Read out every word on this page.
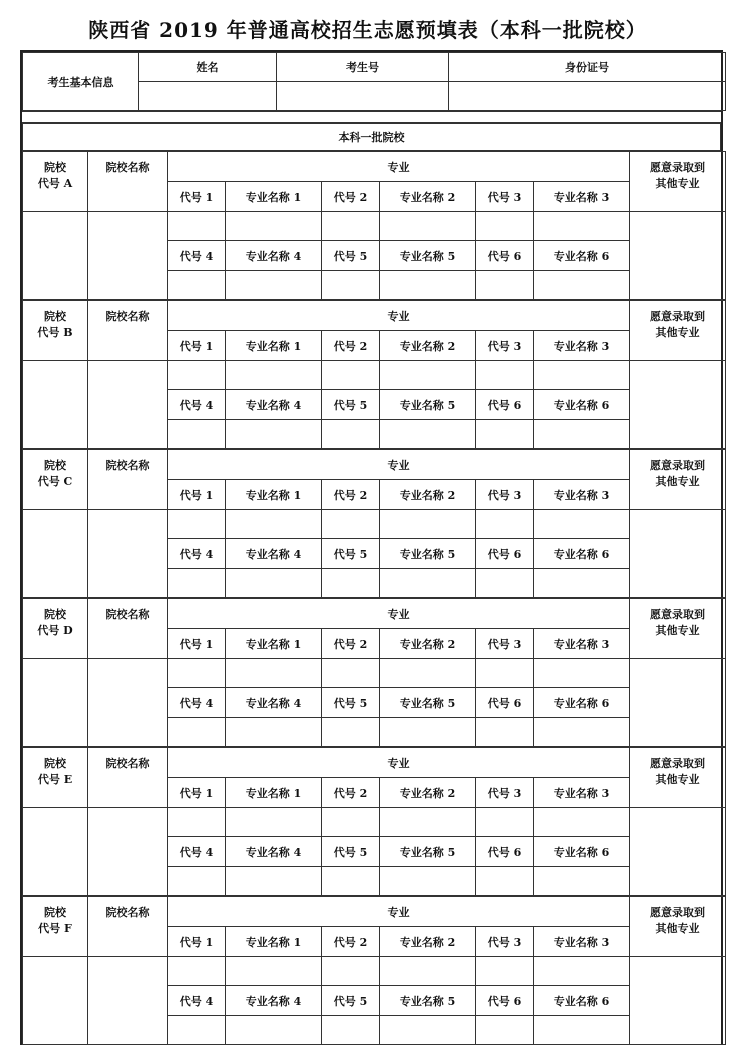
陕西省 2019 年普通高校招生志愿预填表（本科一批院校）
考生基本信息	姓名	考生号	身份证号

本科一批院校
院校
代号 A	院校名称	专业						愿意录取到
其他专业
		代号 1	专业名称 1	代号 2	专业名称 2	代号 3	专业名称 3	

		代号 4	专业名称 4	代号 5	专业名称 5	代号 6	专业名称 6	

院校
代号 B	院校名称	专业						愿意录取到
其他专业
		代号 1	专业名称 1	代号 2	专业名称 2	代号 3	专业名称 3	

		代号 4	专业名称 4	代号 5	专业名称 5	代号 6	专业名称 6	

院校
代号 C	院校名称	专业						愿意录取到
其他专业
		代号 1	专业名称 1	代号 2	专业名称 2	代号 3	专业名称 3	

		代号 4	专业名称 4	代号 5	专业名称 5	代号 6	专业名称 6	

院校
代号 D	院校名称	专业						愿意录取到
其他专业
		代号 1	专业名称 1	代号 2	专业名称 2	代号 3	专业名称 3	

		代号 4	专业名称 4	代号 5	专业名称 5	代号 6	专业名称 6	

院校
代号 E	院校名称	专业						愿意录取到
其他专业
		代号 1	专业名称 1	代号 2	专业名称 2	代号 3	专业名称 3	

		代号 4	专业名称 4	代号 5	专业名称 5	代号 6	专业名称 6	

院校
代号 F	院校名称	专业						愿意录取到
其他专业
		代号 1	专业名称 1	代号 2	专业名称 2	代号 3	专业名称 3	

		代号 4	专业名称 4	代号 5	专业名称 5	代号 6	专业名称 6	
